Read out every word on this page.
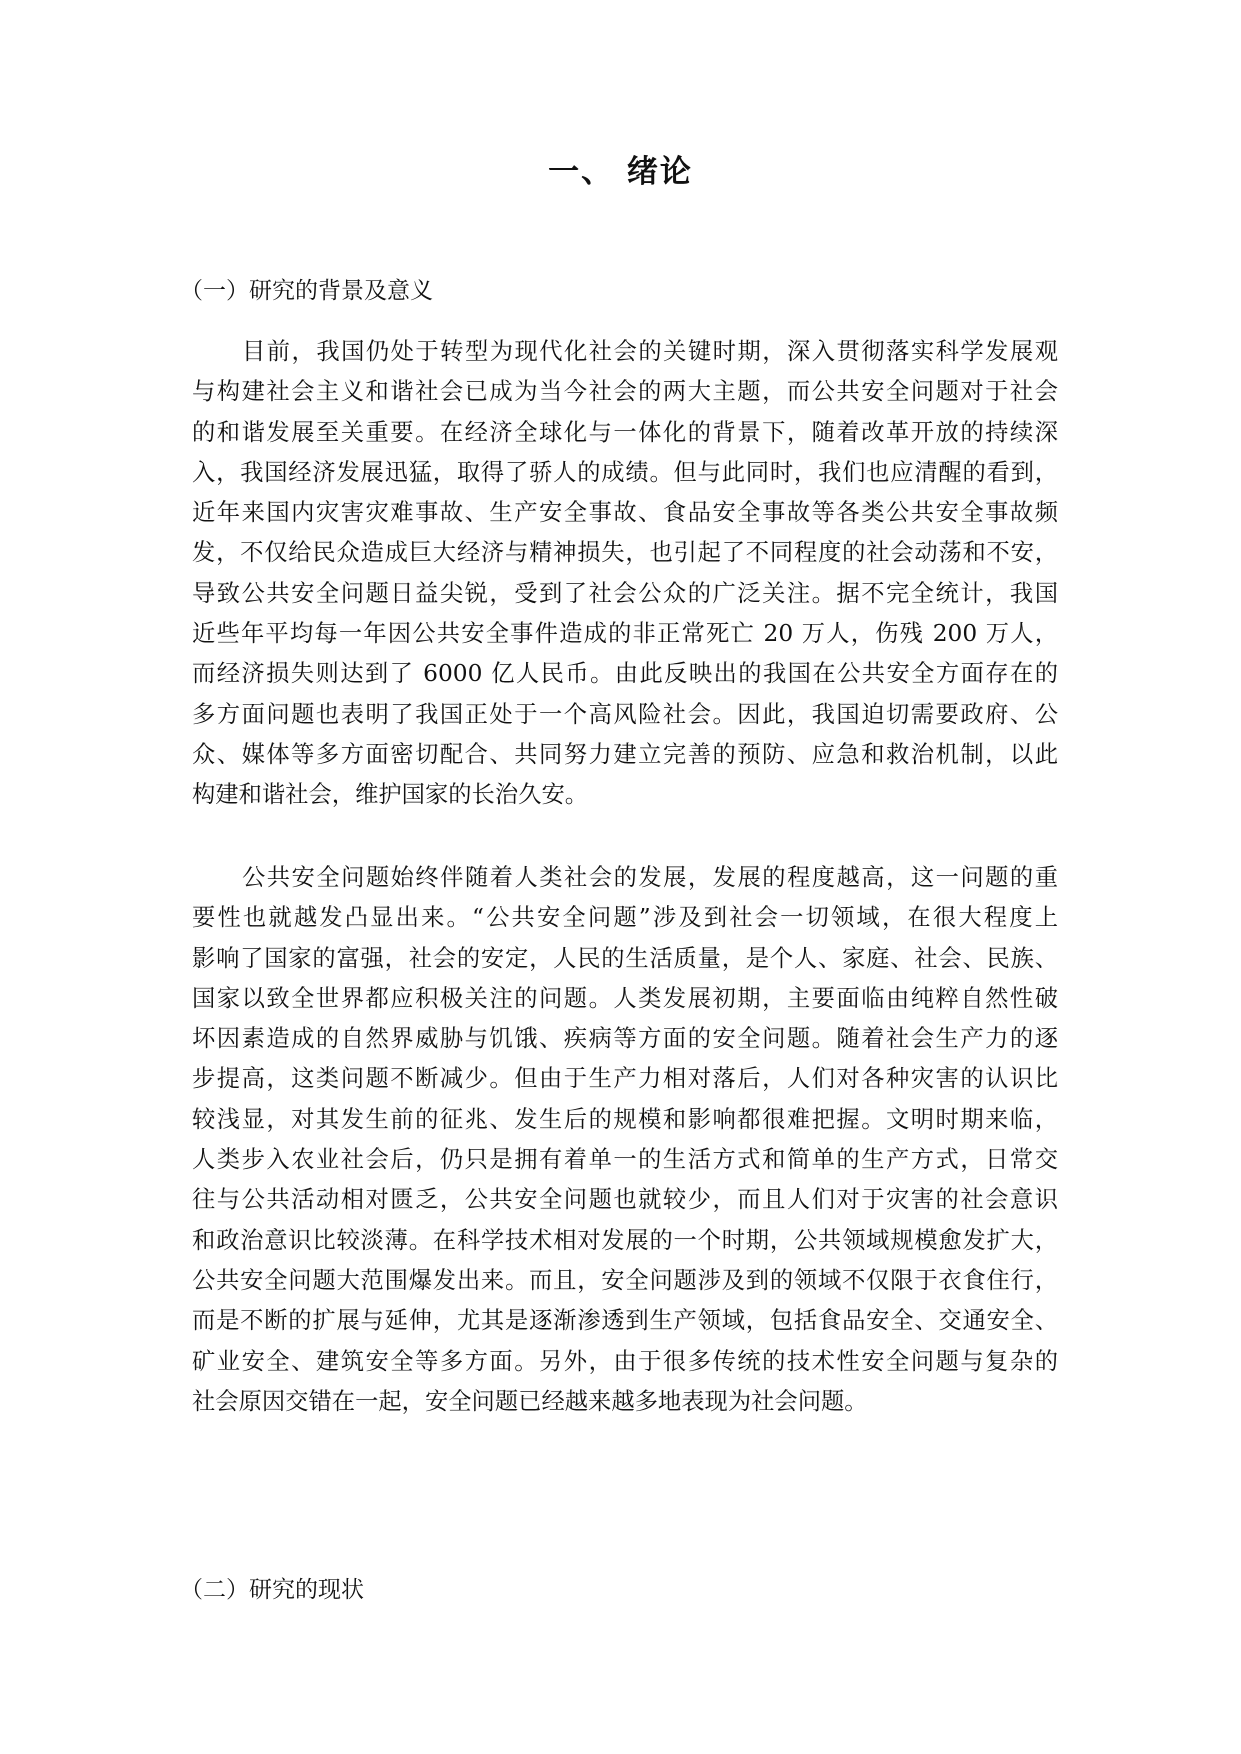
一、 绪论
（一）研究的背景及意义
目前，我国仍处于转型为现代化社会的关键时期，深入贯彻落实科学发展观
与构建社会主义和谐社会已成为当今社会的两大主题，而公共安全问题对于社会
的和谐发展至关重要。在经济全球化与一体化的背景下，随着改革开放的持续深
入，我国经济发展迅猛，取得了骄人的成绩。但与此同时，我们也应清醒的看到，
近年来国内灾害灾难事故、生产安全事故、食品安全事故等各类公共安全事故频
发，不仅给民众造成巨大经济与精神损失，也引起了不同程度的社会动荡和不安，
导致公共安全问题日益尖锐，受到了社会公众的广泛关注。据不完全统计，我国
近些年平均每一年因公共安全事件造成的非正常死亡 20 万人，伤残 200 万人，
而经济损失则达到了 6000 亿人民币。由此反映出的我国在公共安全方面存在的
多方面问题也表明了我国正处于一个高风险社会。因此，我国迫切需要政府、公
众、媒体等多方面密切配合、共同努力建立完善的预防、应急和救治机制，以此
构建和谐社会，维护国家的长治久安。
公共安全问题始终伴随着人类社会的发展，发展的程度越高，这一问题的重
要性也就越发凸显出来。“公共安全问题”涉及到社会一切领域，在很大程度上
影响了国家的富强，社会的安定，人民的生活质量，是个人、家庭、社会、民族、
国家以致全世界都应积极关注的问题。人类发展初期，主要面临由纯粹自然性破
坏因素造成的自然界威胁与饥饿、疾病等方面的安全问题。随着社会生产力的逐
步提高，这类问题不断减少。但由于生产力相对落后，人们对各种灾害的认识比
较浅显，对其发生前的征兆、发生后的规模和影响都很难把握。文明时期来临，
人类步入农业社会后，仍只是拥有着单一的生活方式和简单的生产方式，日常交
往与公共活动相对匮乏，公共安全问题也就较少，而且人们对于灾害的社会意识
和政治意识比较淡薄。在科学技术相对发展的一个时期，公共领域规模愈发扩大，
公共安全问题大范围爆发出来。而且，安全问题涉及到的领域不仅限于衣食住行，
而是不断的扩展与延伸，尤其是逐渐渗透到生产领域，包括食品安全、交通安全、
矿业安全、建筑安全等多方面。另外，由于很多传统的技术性安全问题与复杂的
社会原因交错在一起，安全问题已经越来越多地表现为社会问题。
（二）研究的现状
